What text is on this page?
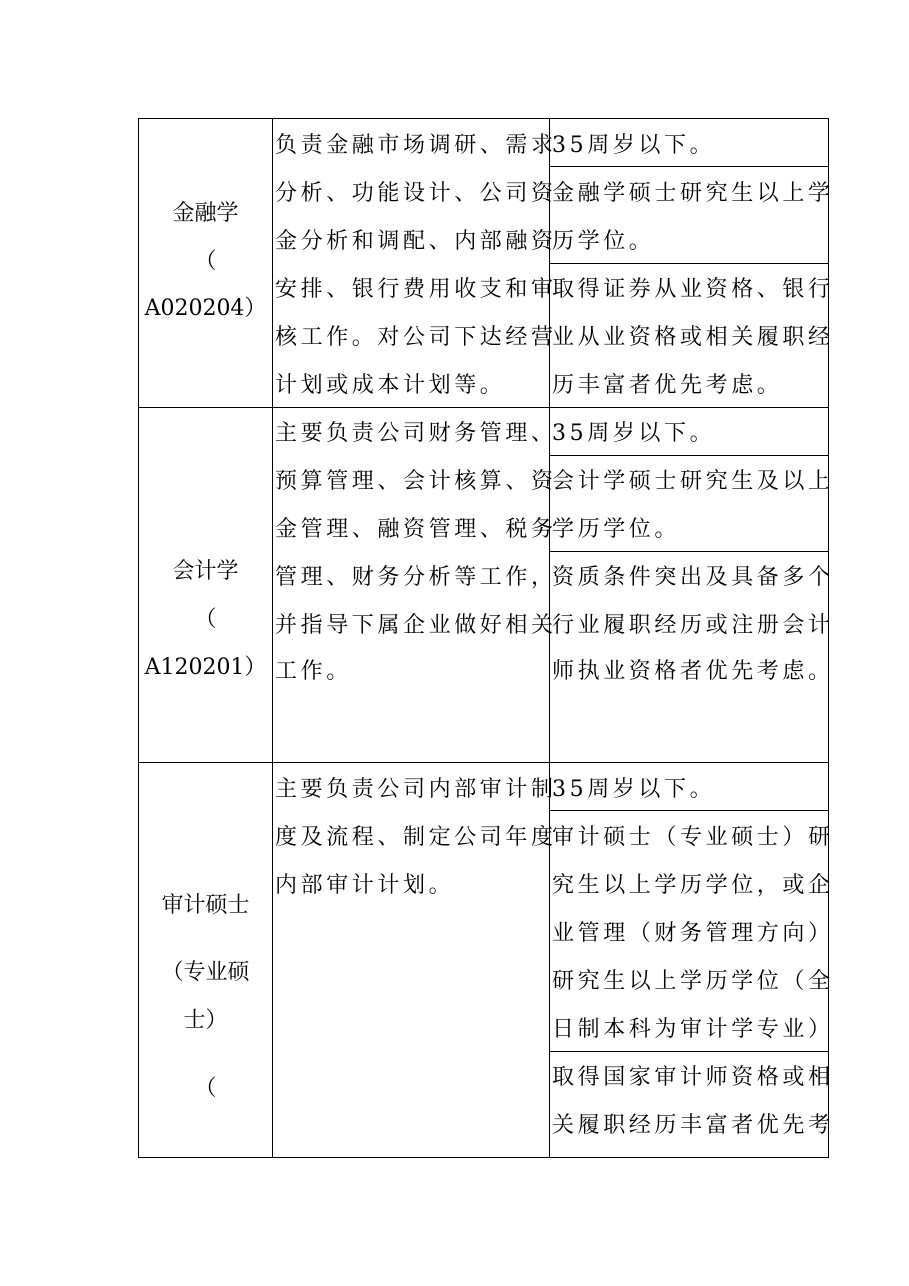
金融学
（
A020204）
负责金融市场调研、需求
分析、功能设计、公司资
金分析和调配、内部融资
安排、银行费用收支和审
核工作。对公司下达经营
计划或成本计划等。
35周岁以下。
金融学硕士研究生以上学
历学位。
取得证券从业资格、银行
业从业资格或相关履职经
历丰富者优先考虑。
会计学
（
A120201）
主要负责公司财务管理、
预算管理、会计核算、资
金管理、融资管理、税务
管理、财务分析等工作，
并指导下属企业做好相关
工作。
35周岁以下。
会计学硕士研究生及以上
学历学位。
资质条件突出及具备多个
行业履职经历或注册会计
师执业资格者优先考虑。
审计硕士
（专业硕
士）
（
主要负责公司内部审计制
度及流程、制定公司年度
内部审计计划。
35周岁以下。
审计硕士（专业硕士）研
究生以上学历学位，或企
业管理（财务管理方向）
研究生以上学历学位（全
日制本科为审计学专业）
取得国家审计师资格或相
关履职经历丰富者优先考
